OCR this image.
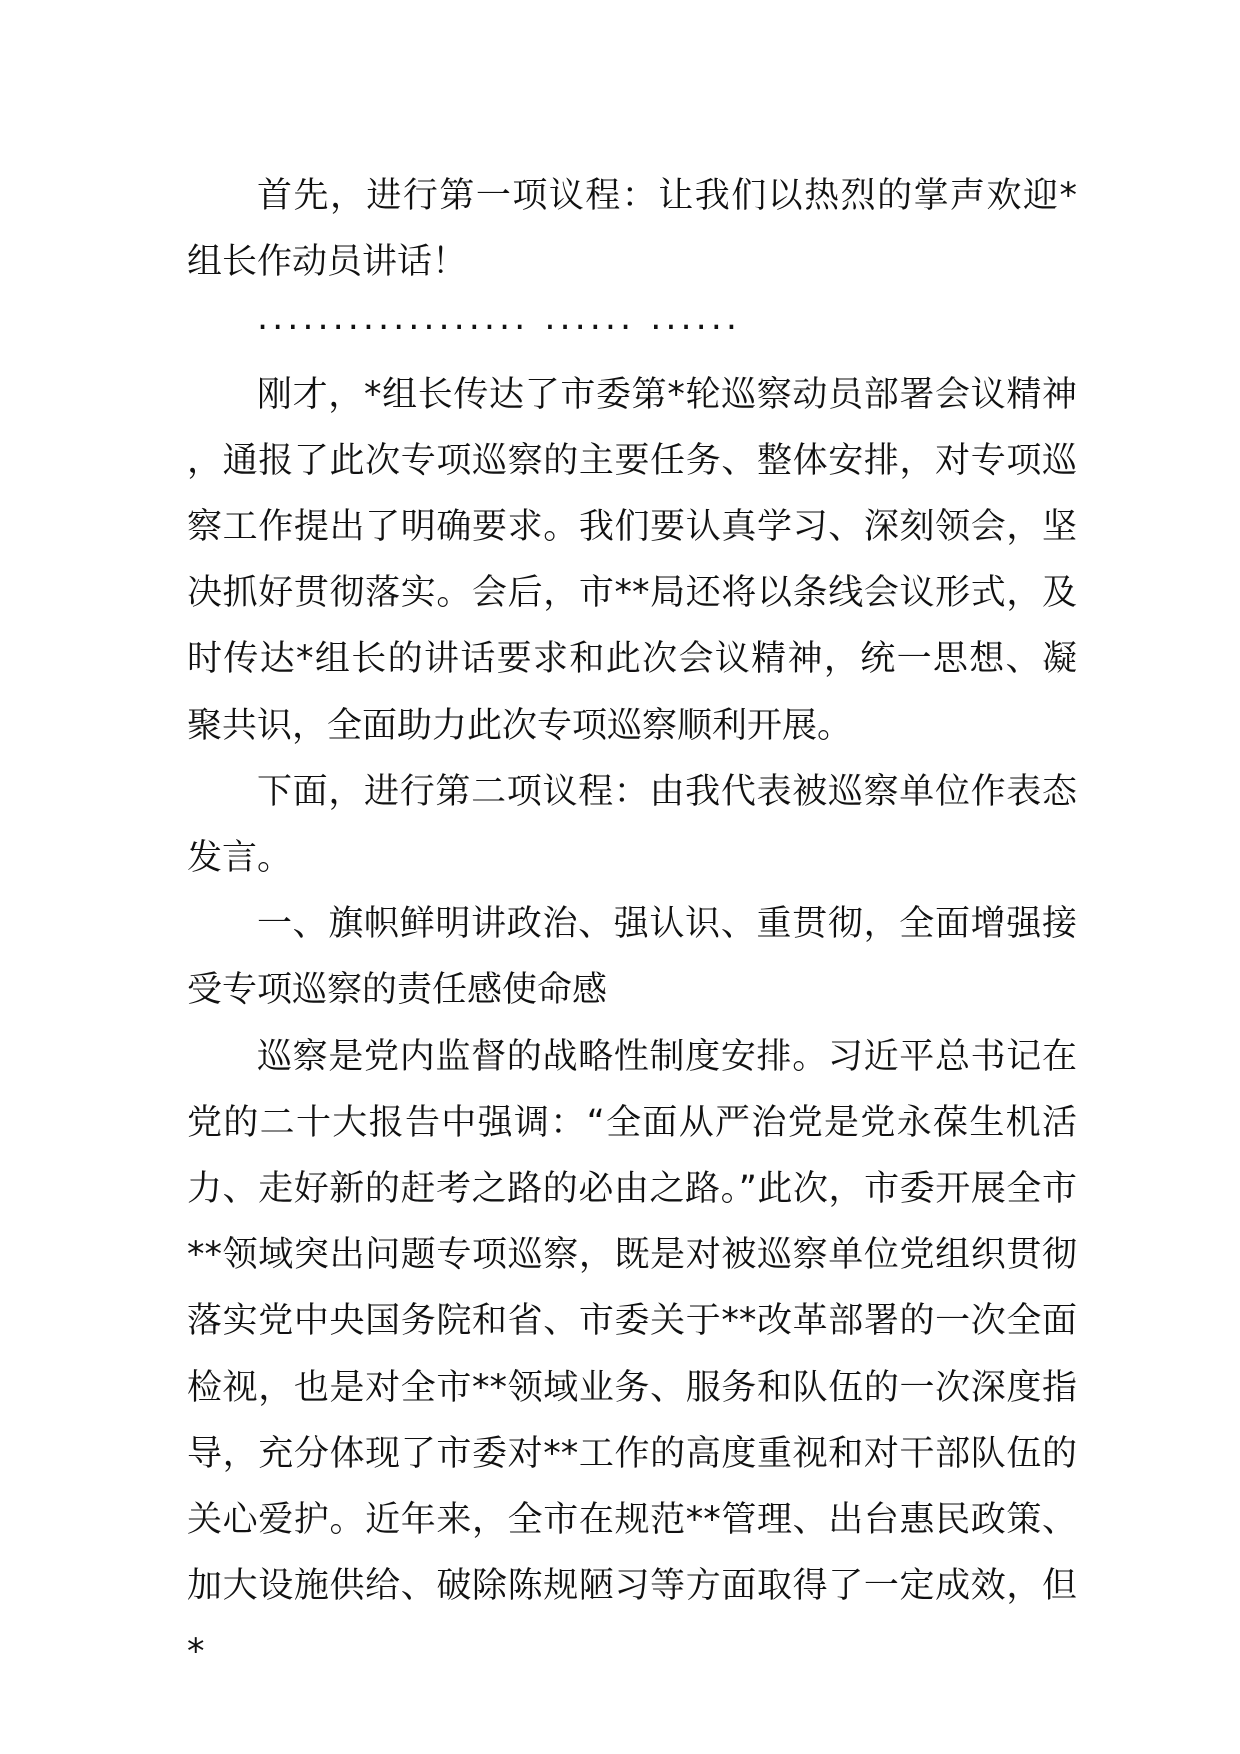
首先，进行第一项议程：让我们以热烈的掌声欢迎*组长作动员讲话！

·················· ······ ······

刚才，*组长传达了市委第*轮巡察动员部署会议精神，通报了此次专项巡察的主要任务、整体安排，对专项巡察工作提出了明确要求。我们要认真学习、深刻领会，坚决抓好贯彻落实。会后，市**局还将以条线会议形式，及时传达*组长的讲话要求和此次会议精神，统一思想、凝聚共识，全面助力此次专项巡察顺利开展。

下面，进行第二项议程：由我代表被巡察单位作表态发言。

一、旗帜鲜明讲政治、强认识、重贯彻，全面增强接受专项巡察的责任感使命感

巡察是党内监督的战略性制度安排。习近平总书记在党的二十大报告中强调：“全面从严治党是党永葆生机活力、走好新的赶考之路的必由之路。”此次，市委开展全市**领域突出问题专项巡察，既是对被巡察单位党组织贯彻落实党中央国务院和省、市委关于**改革部署的一次全面检视，也是对全市**领域业务、服务和队伍的一次深度指导，充分体现了市委对**工作的高度重视和对干部队伍的关心爱护。近年来，全市在规范**管理、出台惠民政策、加大设施供给、破除陈规陋习等方面取得了一定成效，但*
